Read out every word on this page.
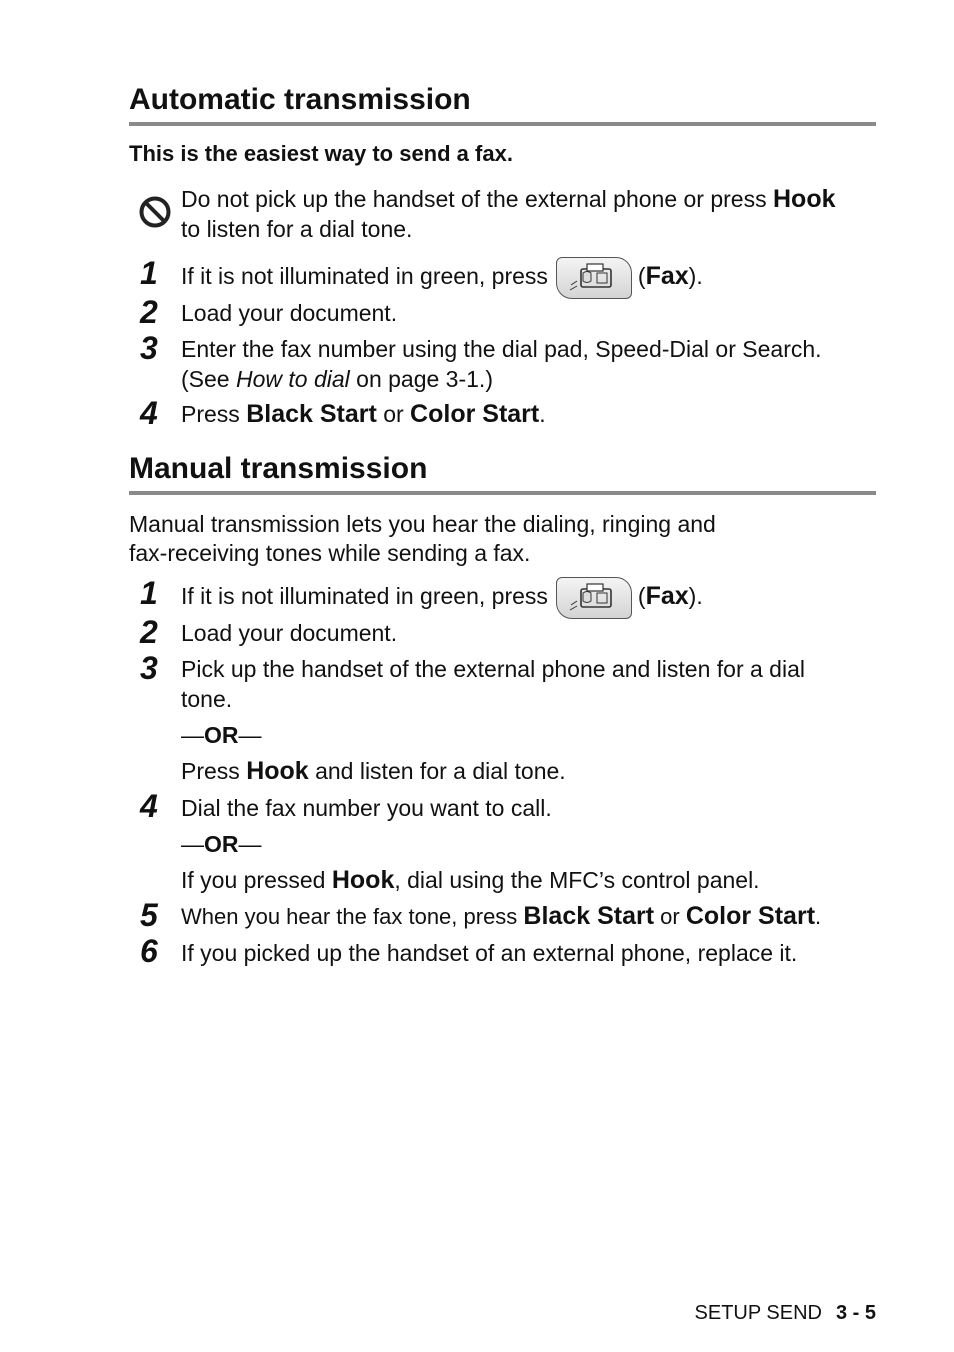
Automatic transmission
This is the easiest way to send a fax.
Do not pick up the handset of the external phone or press Hook
to listen for a dial tone.
1 If it is not illuminated in green, press	(Fax).
2 Load your document.
3 Enter the fax number using the dial pad, Speed-Dial or Search.
(See How to dial on page 3-1.)
4 Press Black Start or Color Start.
Manual transmission
Manual transmission lets you hear the dialing, ringing and
fax-receiving tones while sending a fax.
1 If it is not illuminated in green, press	(Fax).
2 Load your document.
3 Pick up the handset of the external phone and listen for a dial
tone.
—OR—
Press Hook and listen for a dial tone.
4 Dial the fax number you want to call.
—OR—
If you pressed Hook, dial using the MFC’s control panel.
5 When you hear the fax tone, press Black Start or Color Start.
6 If you picked up the handset of an external phone, replace it.
SETUP SEND 3 - 5
